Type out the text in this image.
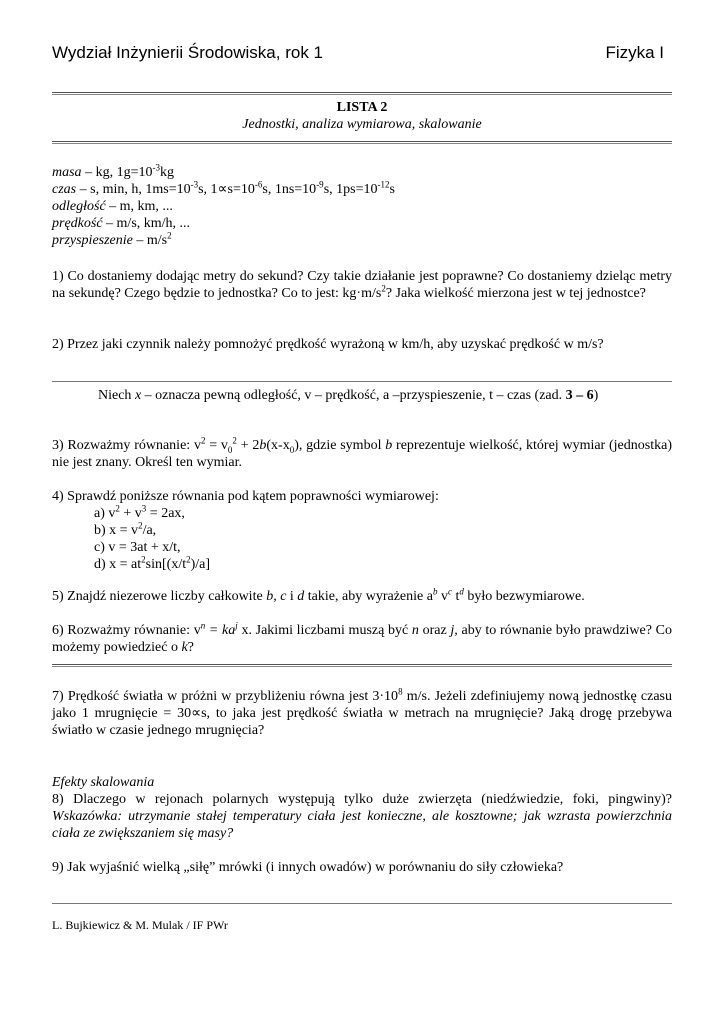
Wydział Inżynierii Środowiska, rok 1	Fizyka I
LISTA 2
Jednostki, analiza wymiarowa, skalowanie
masa – kg, $1g=10^{-3}kg$
czas – s, min, h, $1ms=10^{-3}s$, $1\propto s=10^{-6}s$, $1ns=10^{-9}s$, $1ps=10^{-12}s$
odległość – m, km, ...
prędkość – m/s, km/h, ...
przyspieszenie – $m/s^2$
1) Co dostaniemy dodając metry do sekund? Czy takie działanie jest poprawne? Co dostaniemy dzieląc metry na sekundę? Czego będzie to jednostka? Co to jest: $kg\cdot m/s^2$? Jaka wielkość mierzona jest w tej jednostce?
2) Przez jaki czynnik należy pomnożyć prędkość wyrażoną w km/h, aby uzyskać prędkość w m/s?
Niech x – oznacza pewną odległość, v – prędkość, a –przyspieszenie, t – czas (zad. 3 – 6)
3) Rozważmy równanie: $v^2 = v_0^2 + 2b(x-x_0)$, gdzie symbol b reprezentuje wielkość, której wymiar (jednostka) nie jest znany. Określ ten wymiar.
4) Sprawdź poniższe równania pod kątem poprawności wymiarowej:
a) $v^2 + v^3 = 2ax$,
b) $x = v^2/a$,
c) v = 3at + x/t,
d) $x = at^2\sin[(x/t^2)/a]$
5) Znajdź niezerowe liczby całkowite b, c i d takie, aby wyrażenie $a^b$ $v^c$ $t^d$ było bezwymiarowe.
6) Rozważmy równanie: $v^n = ka^j$ x. Jakimi liczbami muszą być n oraz j, aby to równanie było prawdziwe? Co możemy powiedzieć o k?
7) Prędkość światła w próżni w przybliżeniu równa jest $3\cdot 10^8$ m/s. Jeżeli zdefiniujemy nową jednostkę czasu jako 1 mrugnięcie = 30∝s, to jaka jest prędkość światła w metrach na mrugnięcie? Jaką drogę przebywa światło w czasie jednego mrugnięcia?
Efekty skalowania
8) Dlaczego w rejonach polarnych występują tylko duże zwierzęta (niedźwiedzie, foki, pingwiny)? Wskazówka: utrzymanie stałej temperatury ciała jest konieczne, ale kosztowne; jak wzrasta powierzchnia ciała ze zwiększaniem się masy?
9) Jak wyjaśnić wielką „siłę” mrówki (i innych owadów) w porównaniu do siły człowieka?
L. Bujkiewicz & M. Mulak / IF PWr
